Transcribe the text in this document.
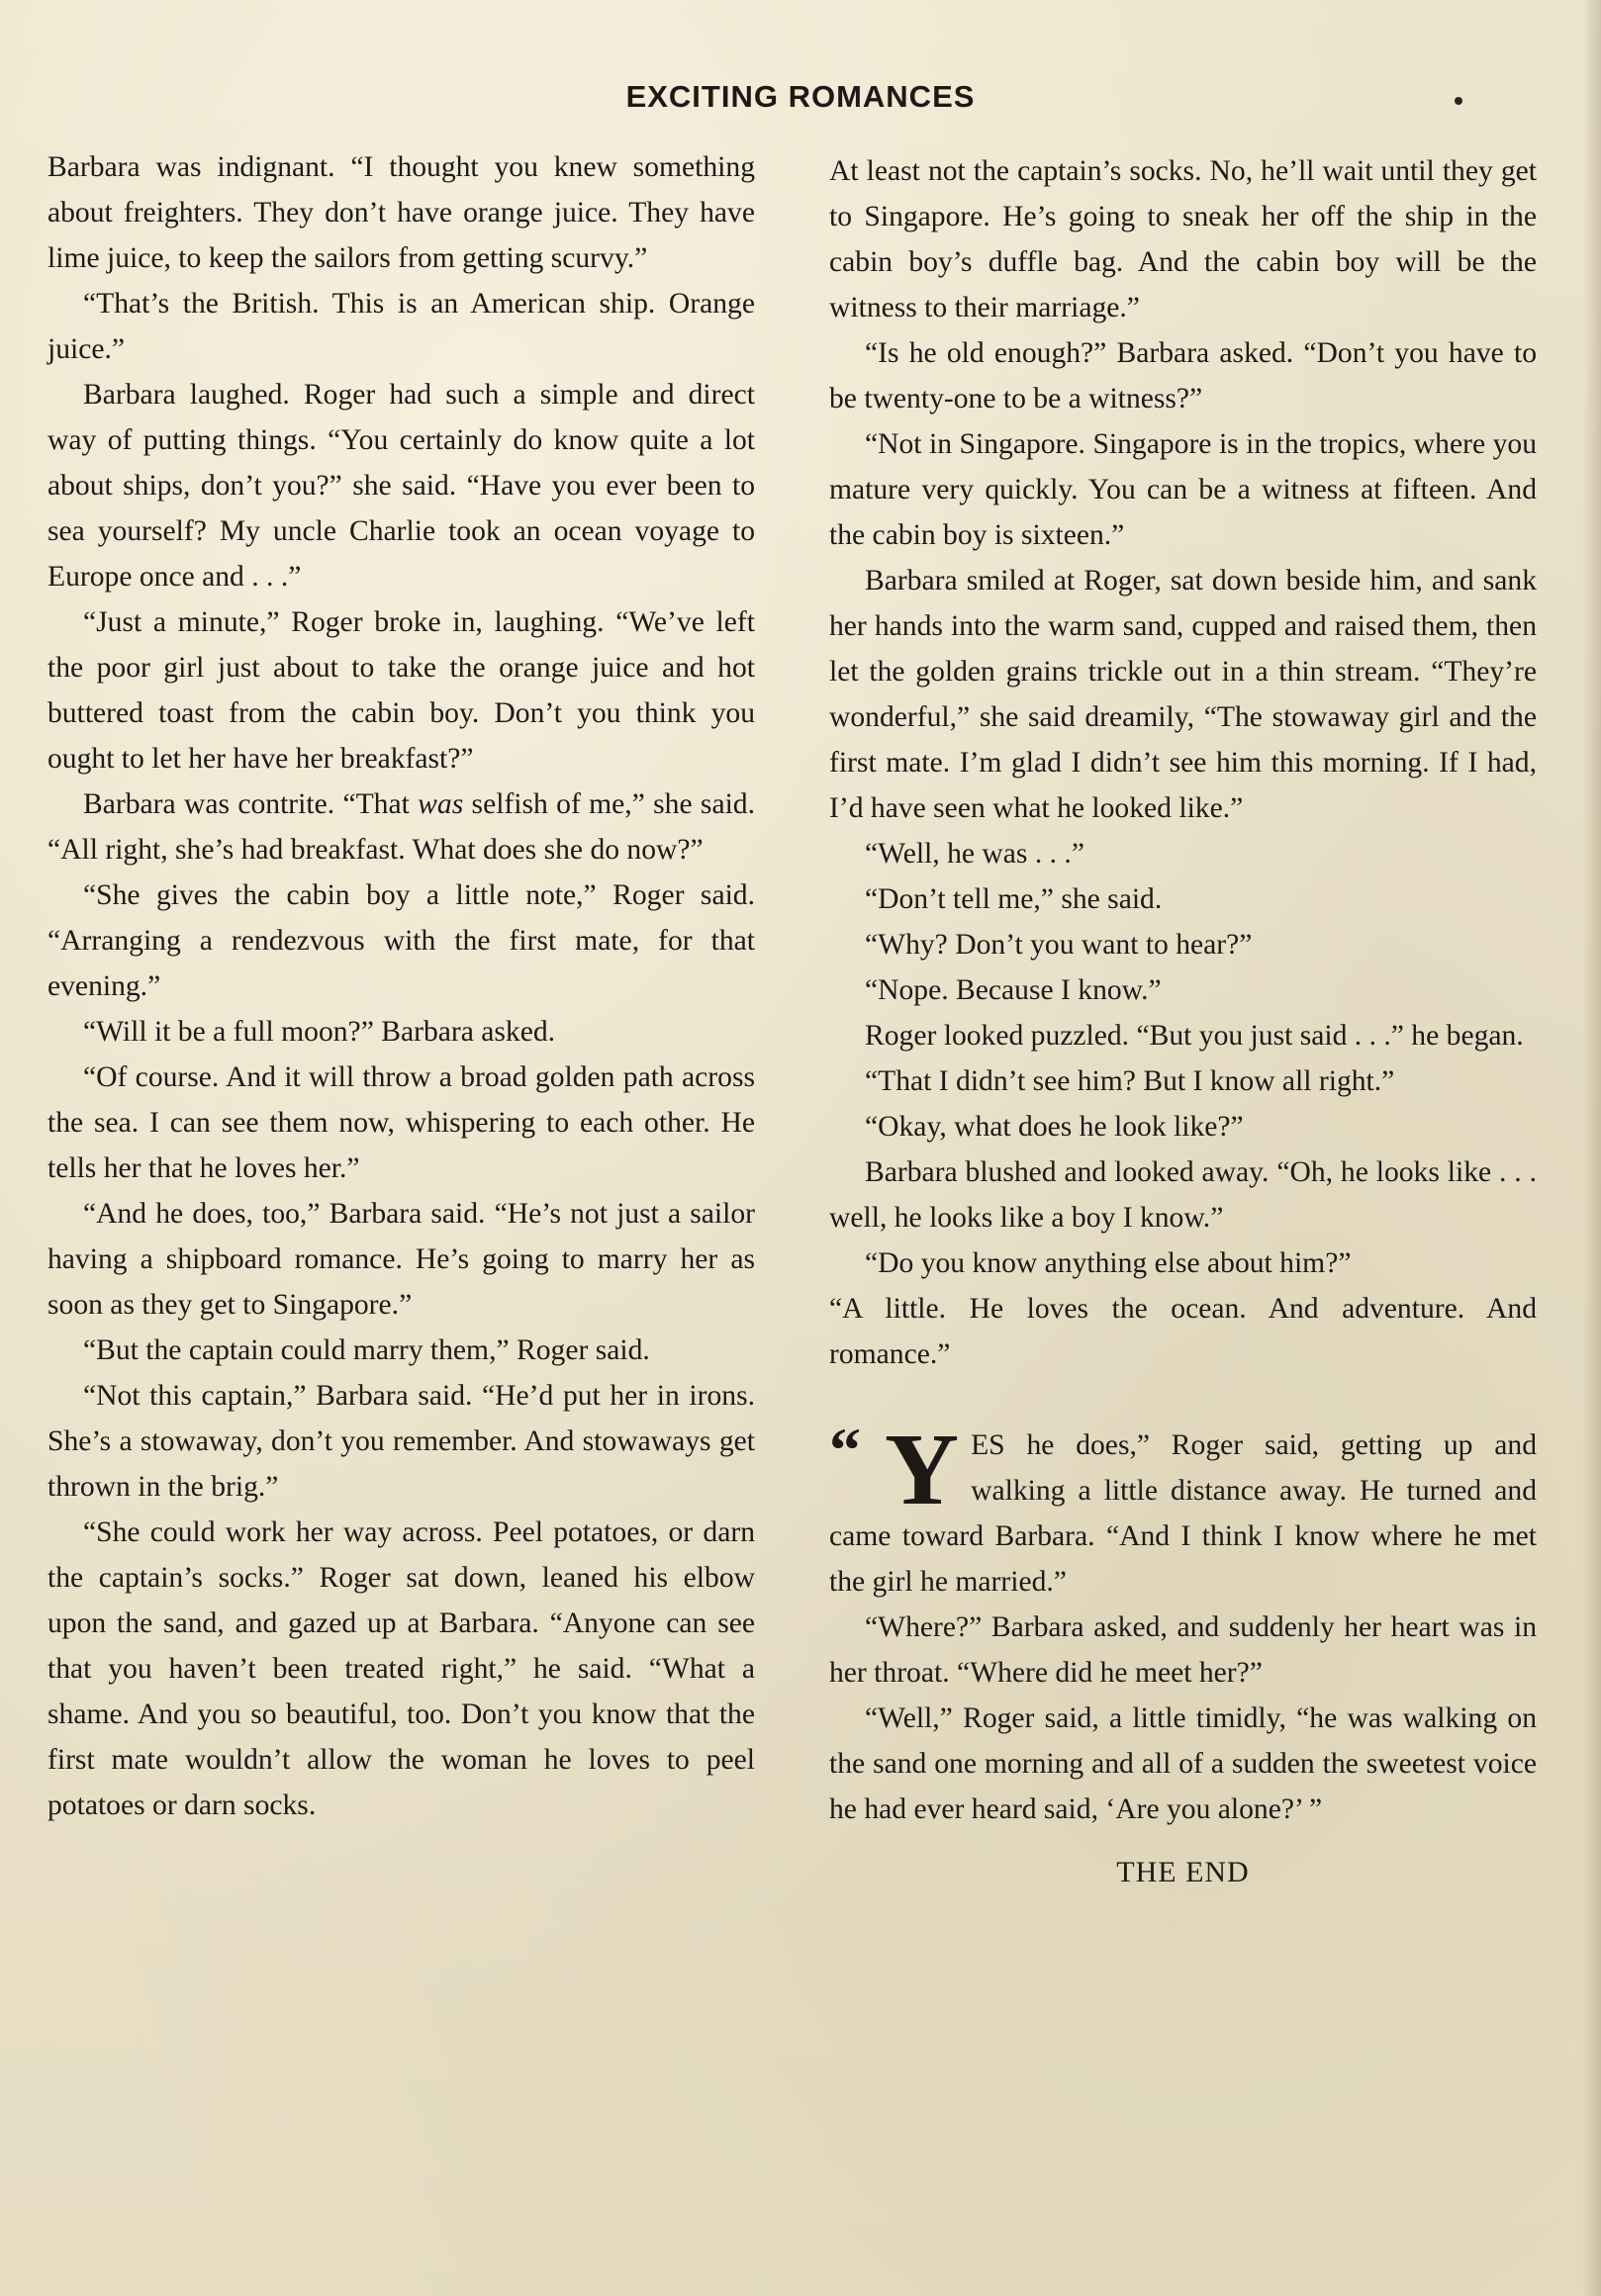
EXCITING ROMANCES

Barbara was indignant. “I thought you knew something about freighters. They don’t have orange juice. They have lime juice, to keep the sailors from getting scurvy.”

“That’s the British. This is an American ship. Orange juice.”

Barbara laughed. Roger had such a simple and direct way of putting things. “You certainly do know quite a lot about ships, don’t you?” she said. “Have you ever been to sea yourself? My uncle Charlie took an ocean voyage to Europe once and . . .”

“Just a minute,” Roger broke in, laughing. “We’ve left the poor girl just about to take the orange juice and hot buttered toast from the cabin boy. Don’t you think you ought to let her have her breakfast?”

Barbara was contrite. “That was selfish of me,” she said. “All right, she’s had breakfast. What does she do now?”

“She gives the cabin boy a little note,” Roger said. “Arranging a rendezvous with the first mate, for that evening.”

“Will it be a full moon?” Barbara asked.

“Of course. And it will throw a broad golden path across the sea. I can see them now, whispering to each other. He tells her that he loves her.”

“And he does, too,” Barbara said. “He’s not just a sailor having a shipboard romance. He’s going to marry her as soon as they get to Singapore.”

“But the captain could marry them,” Roger said.

“Not this captain,” Barbara said. “He’d put her in irons. She’s a stowaway, don’t you remember. And stowaways get thrown in the brig.”

“She could work her way across. Peel potatoes, or darn the captain’s socks.” Roger sat down, leaned his elbow upon the sand, and gazed up at Barbara. “Anyone can see that you haven’t been treated right,” he said. “What a shame. And you so beautiful, too. Don’t you know that the first mate wouldn’t allow the woman he loves to peel potatoes or darn socks.

At least not the captain’s socks. No, he’ll wait until they get to Singapore. He’s going to sneak her off the ship in the cabin boy’s duffle bag. And the cabin boy will be the witness to their marriage.”

“Is he old enough?” Barbara asked. “Don’t you have to be twenty-one to be a witness?”

“Not in Singapore. Singapore is in the tropics, where you mature very quickly. You can be a witness at fifteen. And the cabin boy is sixteen.”

Barbara smiled at Roger, sat down beside him, and sank her hands into the warm sand, cupped and raised them, then let the golden grains trickle out in a thin stream. “They’re wonderful,” she said dreamily, “The stowaway girl and the first mate. I’m glad I didn’t see him this morning. If I had, I’d have seen what he looked like.”

“Well, he was . . .”

“Don’t tell me,” she said.

“Why? Don’t you want to hear?”

“Nope. Because I know.”

Roger looked puzzled. “But you just said . . .” he began.

“That I didn’t see him? But I know all right.”

“Okay, what does he look like?”

Barbara blushed and looked away. “Oh, he looks like . . . well, he looks like a boy I know.”

“Do you know anything else about him?”

“A little. He loves the ocean. And adventure. And romance.”

“ Y ES he does,” Roger said, getting up and walking a little distance away. He turned and came toward Barbara. “And I think I know where he met the girl he married.”

“Where?” Barbara asked, and suddenly her heart was in her throat. “Where did he meet her?”

“Well,” Roger said, a little timidly, “he was walking on the sand one morning and all of a sudden the sweetest voice he had ever heard said, ‘Are you alone?’ ”

THE END
